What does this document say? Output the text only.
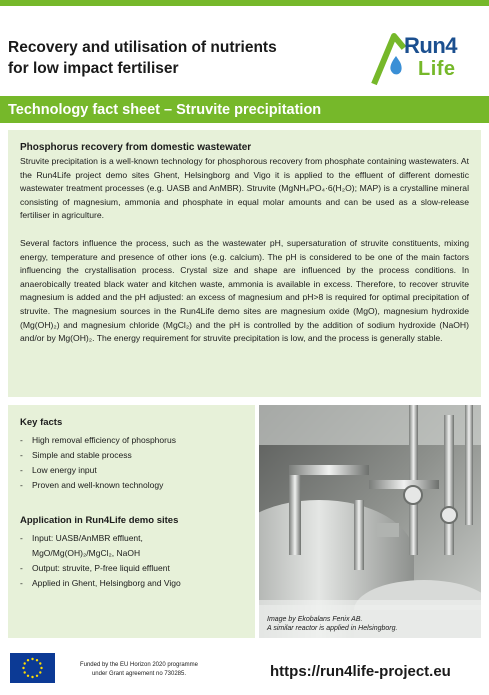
Recovery and utilisation of nutrients
for low impact fertiliser
Run4
Life
Technology fact sheet – Struvite precipitation
Phosphorus recovery from domestic wastewater

Struvite precipitation is a well-known technology for phosphorous recovery from phosphate containing wastewaters. At the Run4Life project demo sites Ghent, Helsingborg and Vigo it is applied to the effluent of different domestic wastewater treatment processes (e.g. UASB and AnMBR). Struvite (MgNH₄PO₄·6(H₂O); MAP) is a crystalline mineral consisting of magnesium, ammonia and phosphate in equal molar amounts and can be used as a slow-release fertiliser in agriculture.

Several factors influence the process, such as the wastewater pH, supersaturation of struvite constituents, mixing energy, temperature and presence of other ions (e.g. calcium). The pH is considered to be one of the main factors influencing the crystallisation process. Crystal size and shape are influenced by the process conditions. In anaerobically treated black water and kitchen waste, ammonia is available in excess. Therefore, to recover struvite magnesium is added and the pH adjusted: an excess of magnesium and pH>8 is required for optimal precipitation of struvite. The magnesium sources in the Run4Life demo sites are magnesium oxide (MgO), magnesium hydroxide (Mg(OH)₂) and magnesium chloride (MgCl₂) and the pH is controlled by the addition of sodium hydroxide (NaOH) and/or by Mg(OH)₂. The energy requirement for struvite precipitation is low, and the process is generally stable.

Key facts
- High removal efficiency of phosphorus
- Simple and stable process
- Low energy input
- Proven and well-known technology
Application in Run4Life demo sites
- Input: UASB/AnMBR effluent,
MgO/Mg(OH)₂/MgCl₂, NaOH
- Output: struvite, P-free liquid effluent
- Applied in Ghent, Helsingborg and Vigo
Image by Ekobalans Fenix AB.
A similar reactor is applied in Helsingborg.
Funded by the EU Horizon 2020 programme
under Grant agreement no 730285.	https://run4life-project.eu
